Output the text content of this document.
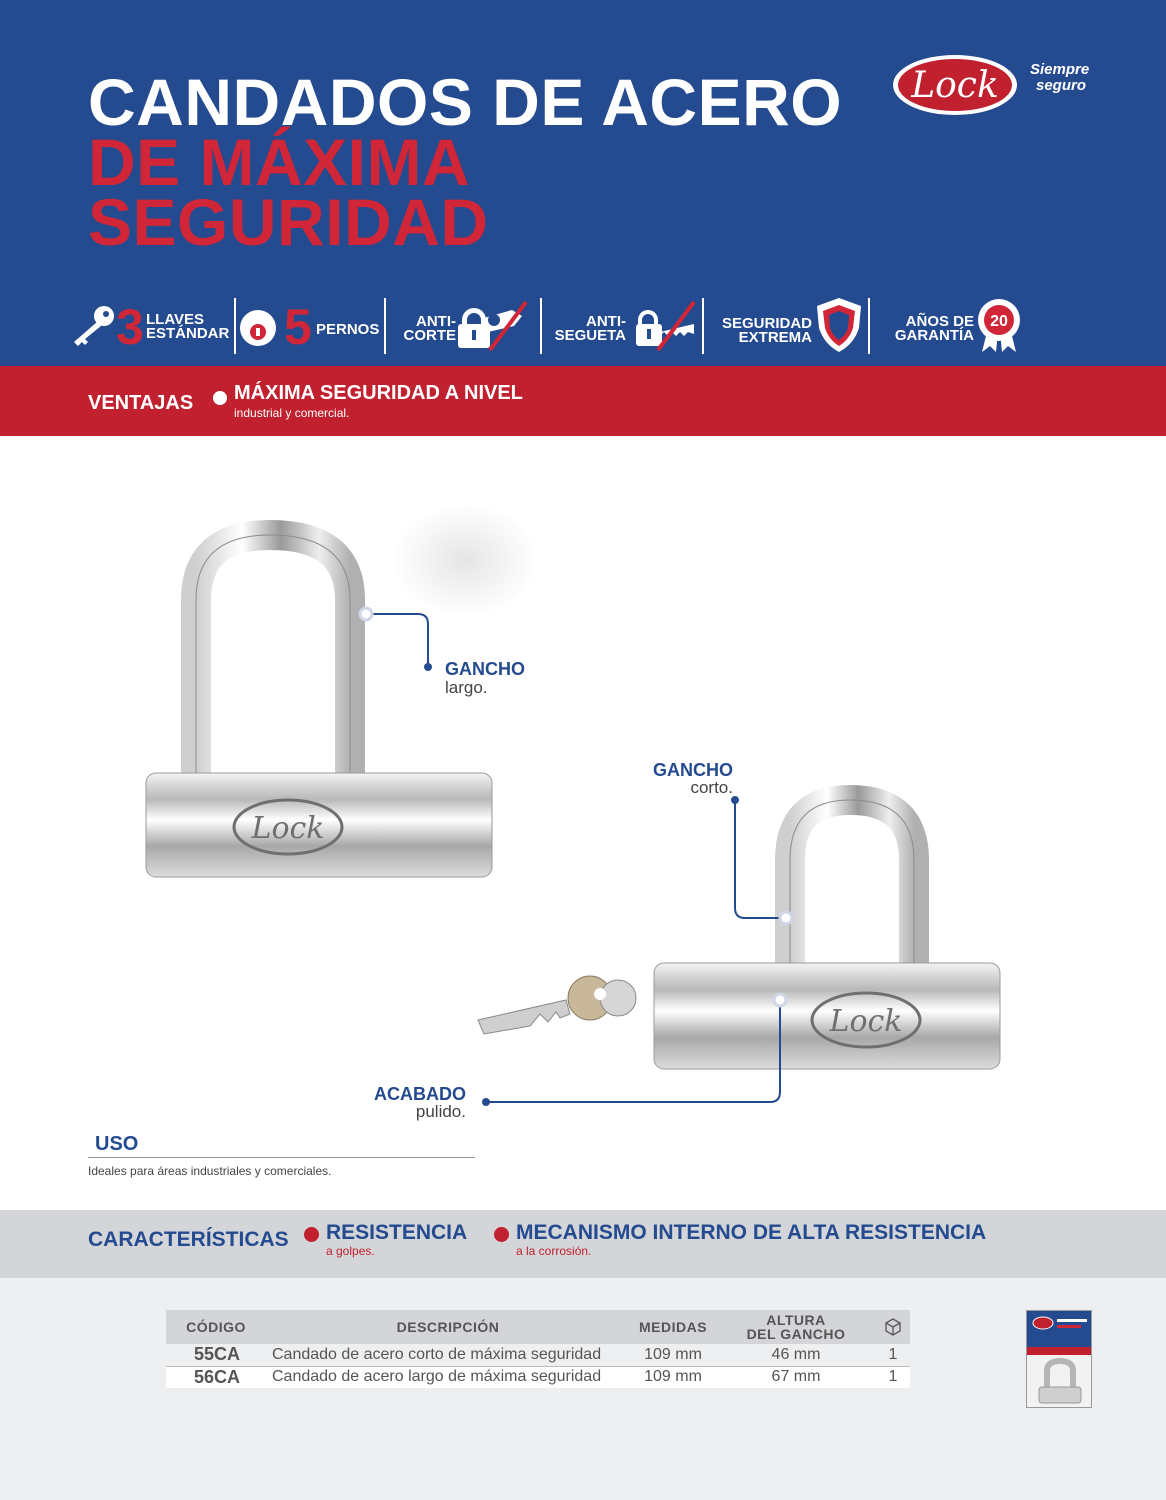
CANDADOS DE ACERO
DE MÁXIMA
SEGURIDAD
Lock Siempre
seguro
3 LLAVES
ESTÁNDAR 5 PERNOS	ANTI-
CORTE
ANTI-
SEGUETA
SEGURIDAD
EXTREMA
AÑOS DE
GARANTÍA
20
VENTAJAS MÁXIMA SEGURIDAD A NIVEL
industrial y comercial.
Lock
Lock
GANCHO
largo.
GANCHO
corto.
ACABADO
pulido.
USO
Ideales para áreas industriales y comerciales.
CARACTERÍSTICAS RESISTENCIA
a golpes.
MECANISMO INTERNO DE ALTA RESISTENCIA
a la corrosión.
CÓDIGO	DESCRIPCIÓN	MEDIDAS	ALTURA
DEL GANCHO

55CA	Candado de acero corto de máxima seguridad	109 mm	46 mm	1
56CA	Candado de acero largo de máxima seguridad	109 mm	67 mm	1
